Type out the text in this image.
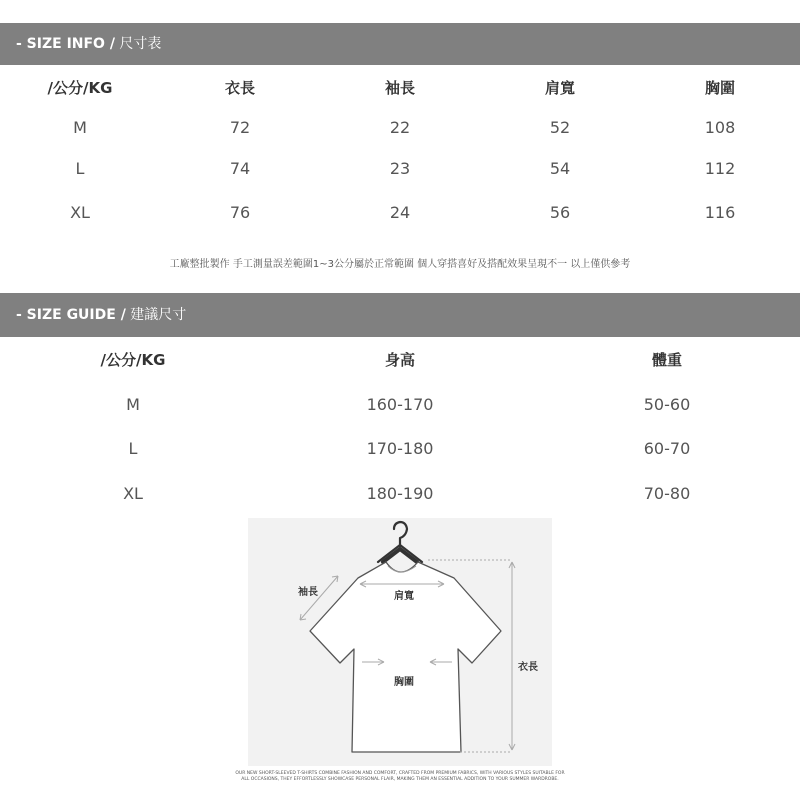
- SIZE INFO / 尺寸表
/公分/KG	衣長	袖長	肩寬	胸圍
M	72	22	52	108
L	74	23	54	112
XL	76	24	56	116
工廠整批製作 手工測量誤差範圍1~3公分屬於正常範圍 個人穿搭喜好及搭配效果呈現不一 以上僅供參考
- SIZE GUIDE / 建議尺寸
/公分/KG	身高	體重
M	160-170	50-60
L	170-180	60-70
XL	180-190	70-80
袖長	肩寬
胸圍
衣長
OUR NEW SHORT-SLEEVED T-SHIRTS COMBINE FASHION AND COMFORT, CRAFTED FROM PREMIUM FABRICS, WITH VARIOUS STYLES SUITABLE FOR
ALL OCCASIONS, THEY EFFORTLESSLY SHOWCASE PERSONAL FLAIR, MAKING THEM AN ESSENTIAL ADDITION TO YOUR SUMMER WARDROBE.
